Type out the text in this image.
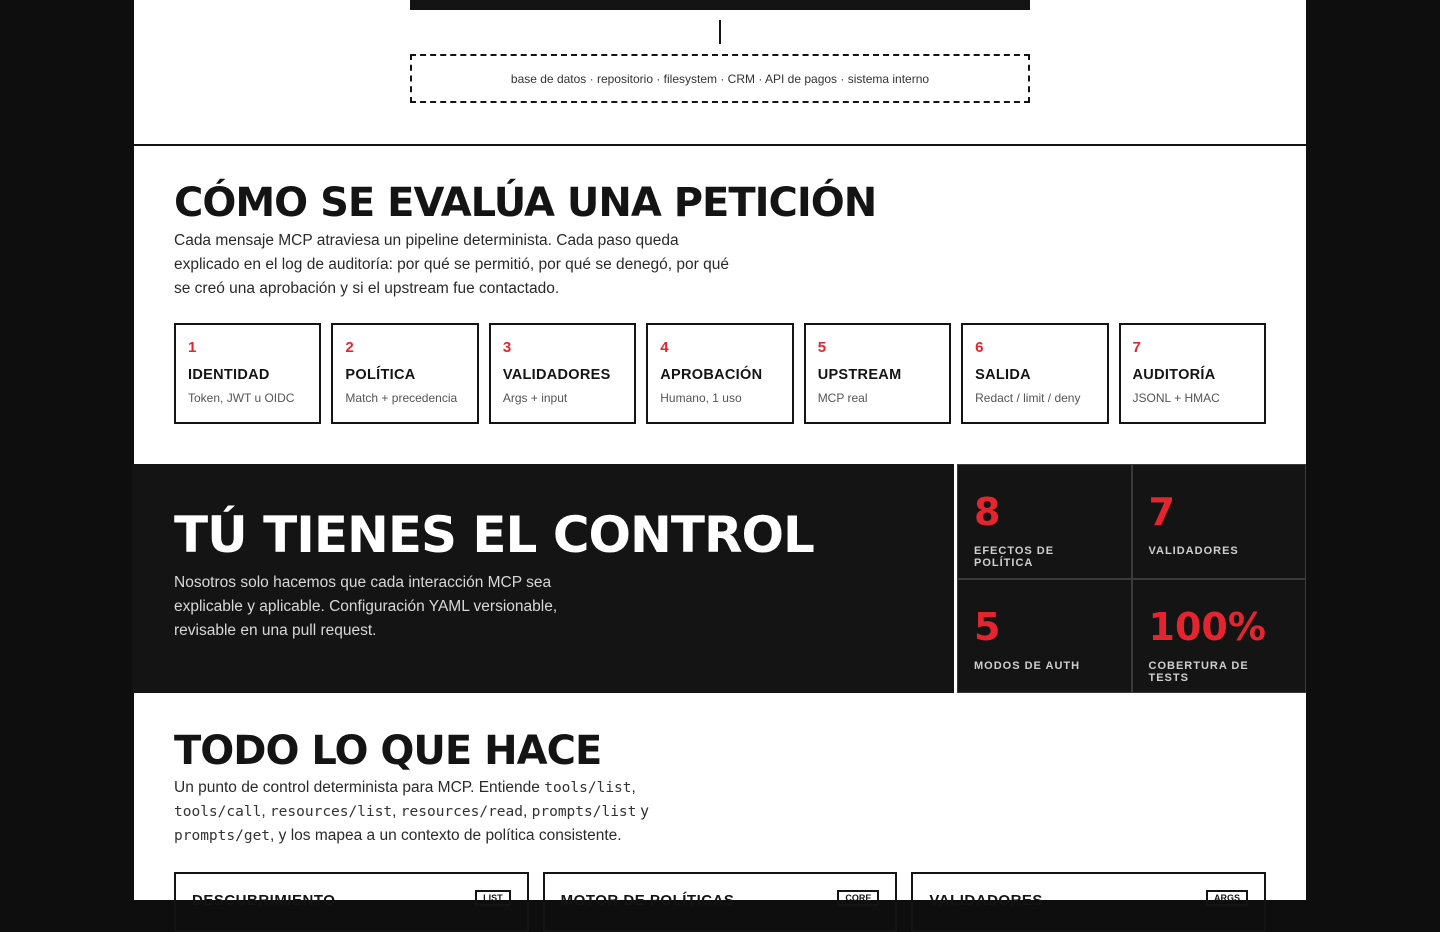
base de datos · repositorio · filesystem · CRM · API de pagos · sistema interno
CÓMO SE EVALÚA UNA PETICIÓN

Cada mensaje MCP atraviesa un pipeline determinista. Cada paso queda explicado en el log de auditoría: por qué se permitió, por qué se denegó, por qué se creó una aprobación y si el upstream fue contactado.

1
IDENTIDAD
Token, JWT u OIDC
2
POLÍTICA
Match + precedencia
3
VALIDADORES
Args + input
4
APROBACIÓN
Humano, 1 uso
5
UPSTREAM
MCP real
6
SALIDA
Redact / limit / deny
7
AUDITORÍA
JSONL + HMAC
TÚ TIENES EL CONTROL

Nosotros solo hacemos que cada interacción MCP sea explicable y aplicable. Configuración YAML versionable, revisable en una pull request.

8
EFECTOS DE POLÍTICA
7
VALIDADORES
5
MODOS DE AUTH
100%
COBERTURA DE TESTS
TODO LO QUE HACE

Un punto de control determinista para MCP. Entiende tools/list, tools/call, resources/list, resources/read, prompts/list y prompts/get, y los mapea a un contexto de política consistente.

DESCUBRIMIENTO	LIST	MOTOR DE POLÍTICAS	CORE	VALIDADORES	ARGS
